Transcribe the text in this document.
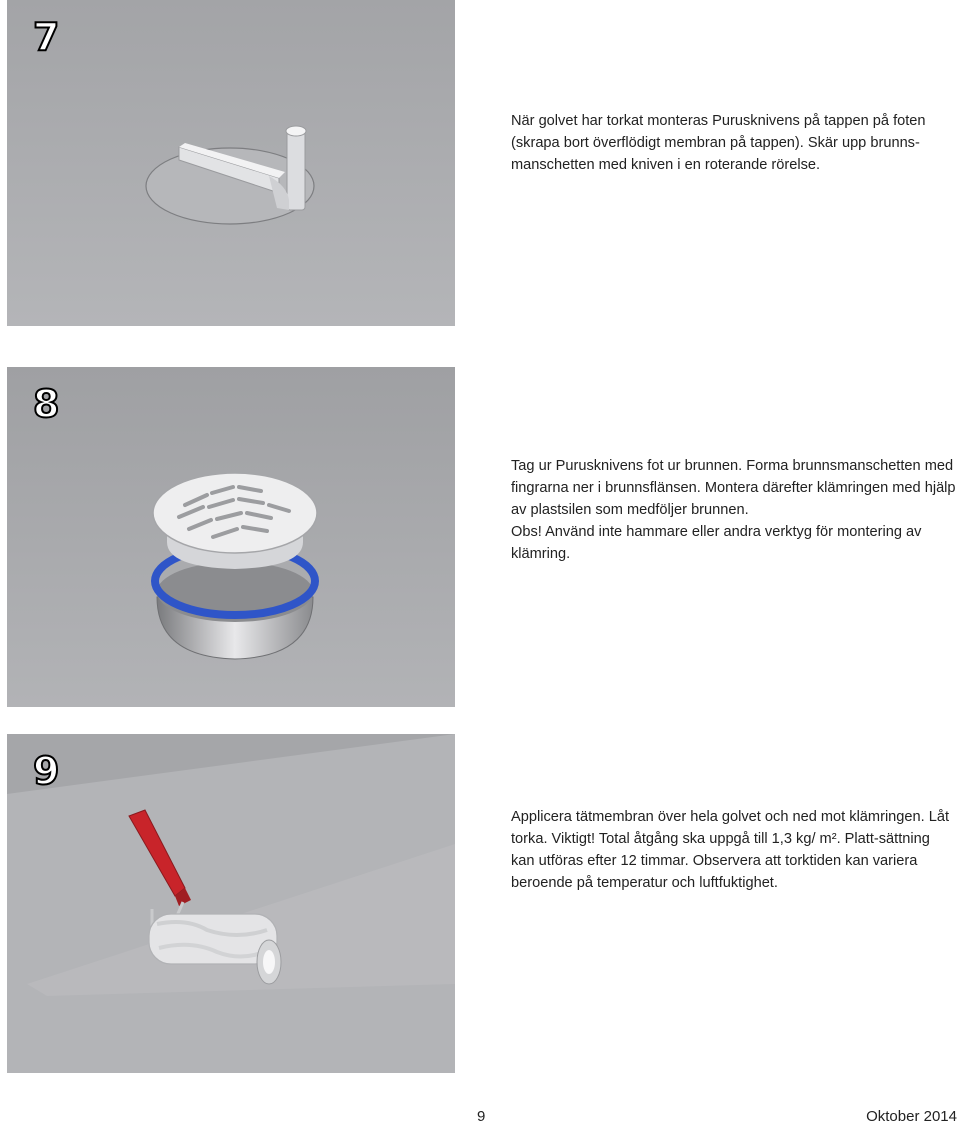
7

När golvet har torkat monteras Purusknivens på tappen på foten (skrapa bort överflödigt membran på tappen). Skär upp brunns-manschetten med kniven i en roterande rörelse.

8

Tag ur Purusknivens fot ur brunnen. Forma brunnsmanschetten med fingrarna ner i brunnsflänsen. Montera därefter klämringen med hjälp av plastsilen som medföljer brunnen.

Obs! Använd inte hammare eller andra verktyg för montering av klämring.

9

Applicera tätmembran över hela golvet och ned mot klämringen. Låt torka. Viktigt! Total åtgång ska uppgå till 1,3 kg/ m². Platt-sättning kan utföras efter 12 timmar. Observera att torktiden kan variera beroende på temperatur och luftfuktighet.

9	Oktober 2014
